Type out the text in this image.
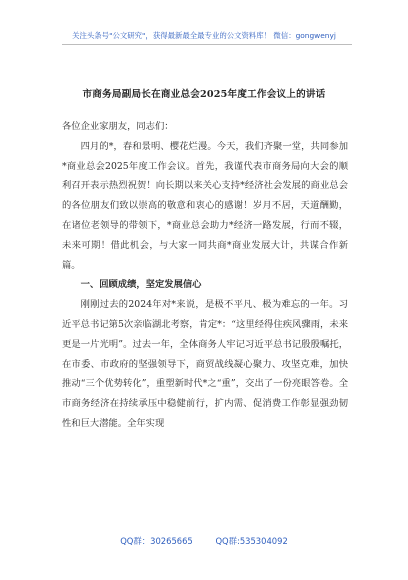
关注头条号"公文研究"，获得最新最全最专业的公文资料库！ 微信：gongwenyj
市商务局副局长在商业总会2025年度工作会议上的讲话

各位企业家朋友，同志们：

四月的*，春和景明、樱花烂漫。今天，我们齐聚一堂，共同参加*商业总会2025年度工作会议。首先，我谨代表市商务局向大会的顺利召开表示热烈祝贺！向长期以来关心支持*经济社会发展的商业总会的各位朋友们致以崇高的敬意和衷心的感谢！岁月不居，天道酬勤，在诸位老领导的带领下，*商业总会助力*经济一路发展，行而不辍，未来可期！借此机会，与大家一同共商*商业发展大计，共谋合作新篇。

一、回顾成绩，坚定发展信心

刚刚过去的2024年对*来说，是极不平凡、极为难忘的一年。习近平总书记第5次亲临湖北考察，肯定*：“这里经得住疾风骤雨，未来更是一片光明”。过去一年，全体商务人牢记习近平总书记殷殷嘱托，在市委、市政府的坚强领导下，商贸战线凝心聚力、攻坚克难，加快推动“三个优势转化”，重塑新时代*之“重”，交出了一份亮眼答卷。全市商务经济在持续承压中稳健前行，扩内需、促消费工作彰显强劲韧性和巨大潜能。全年实现

QQ群：30265665	QQ群:535304092
